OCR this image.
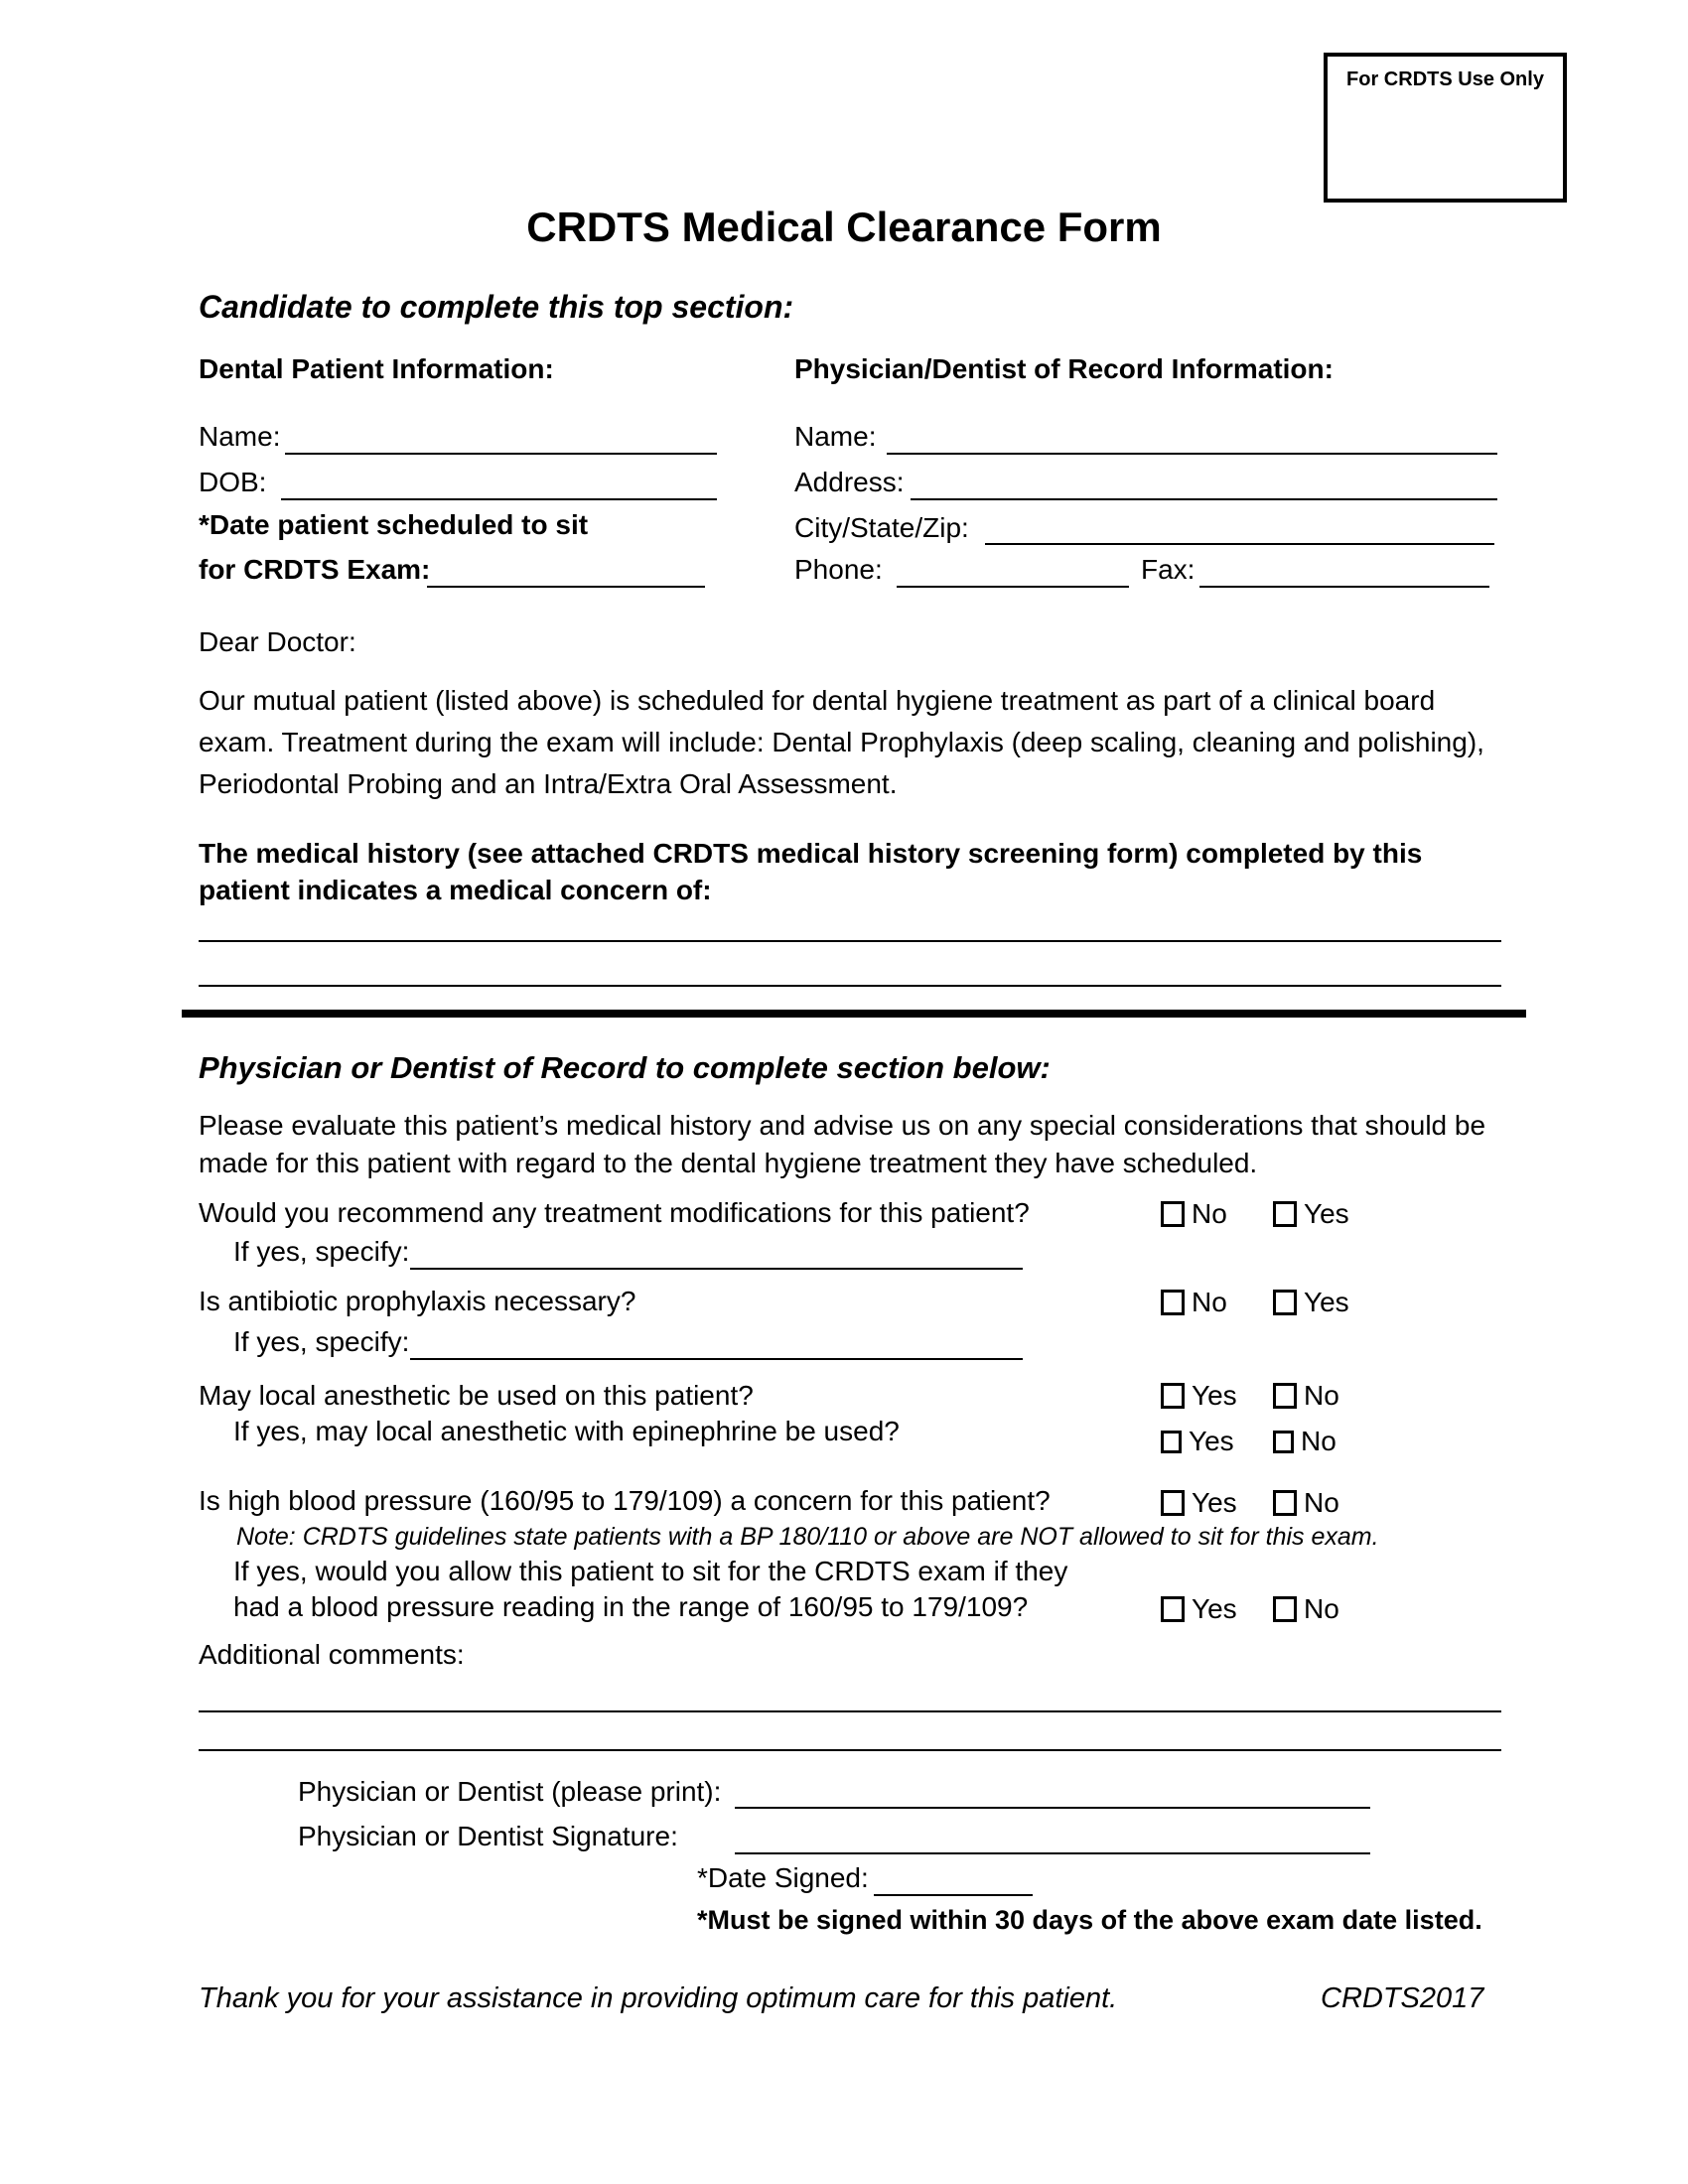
For CRDTS Use Only
CRDTS Medical Clearance Form
Candidate to complete this top section:
Dental Patient Information:	Physician/Dentist of Record Information:
Name:
DOB:
*Date patient scheduled to sit
for CRDTS Exam:
Name:
Address:
City/State/Zip:
Phone:	Fax:
Dear Doctor:
Our mutual patient (listed above) is scheduled for dental hygiene treatment as part of a clinical board exam. Treatment during the exam will include: Dental Prophylaxis (deep scaling, cleaning and polishing), Periodontal Probing and an Intra/Extra Oral Assessment.
The medical history (see attached CRDTS medical history screening form) completed by this patient indicates a medical concern of:
Physician or Dentist of Record to complete section below:
Please evaluate this patient’s medical history and advise us on any special considerations that should be made for this patient with regard to the dental hygiene treatment they have scheduled.
Would you recommend any treatment modifications for this patient?	No	Yes
If yes, specify:
Is antibiotic prophylaxis necessary?	No	Yes
If yes, specify:
May local anesthetic be used on this patient?	Yes No
If yes, may local anesthetic with epinephrine be used?	Yes No
Is high blood pressure (160/95 to 179/109) a concern for this patient?	Yes No
Note: CRDTS guidelines state patients with a BP 180/110 or above are NOT allowed to sit for this exam.
If yes, would you allow this patient to sit for the CRDTS exam if they
had a blood pressure reading in the range of 160/95 to 179/109?	Yes No
Additional comments:
Physician or Dentist (please print):
Physician or Dentist Signature:
*Date Signed:
*Must be signed within 30 days of the above exam date listed.
Thank you for your assistance in providing optimum care for this patient.	CRDTS2017
